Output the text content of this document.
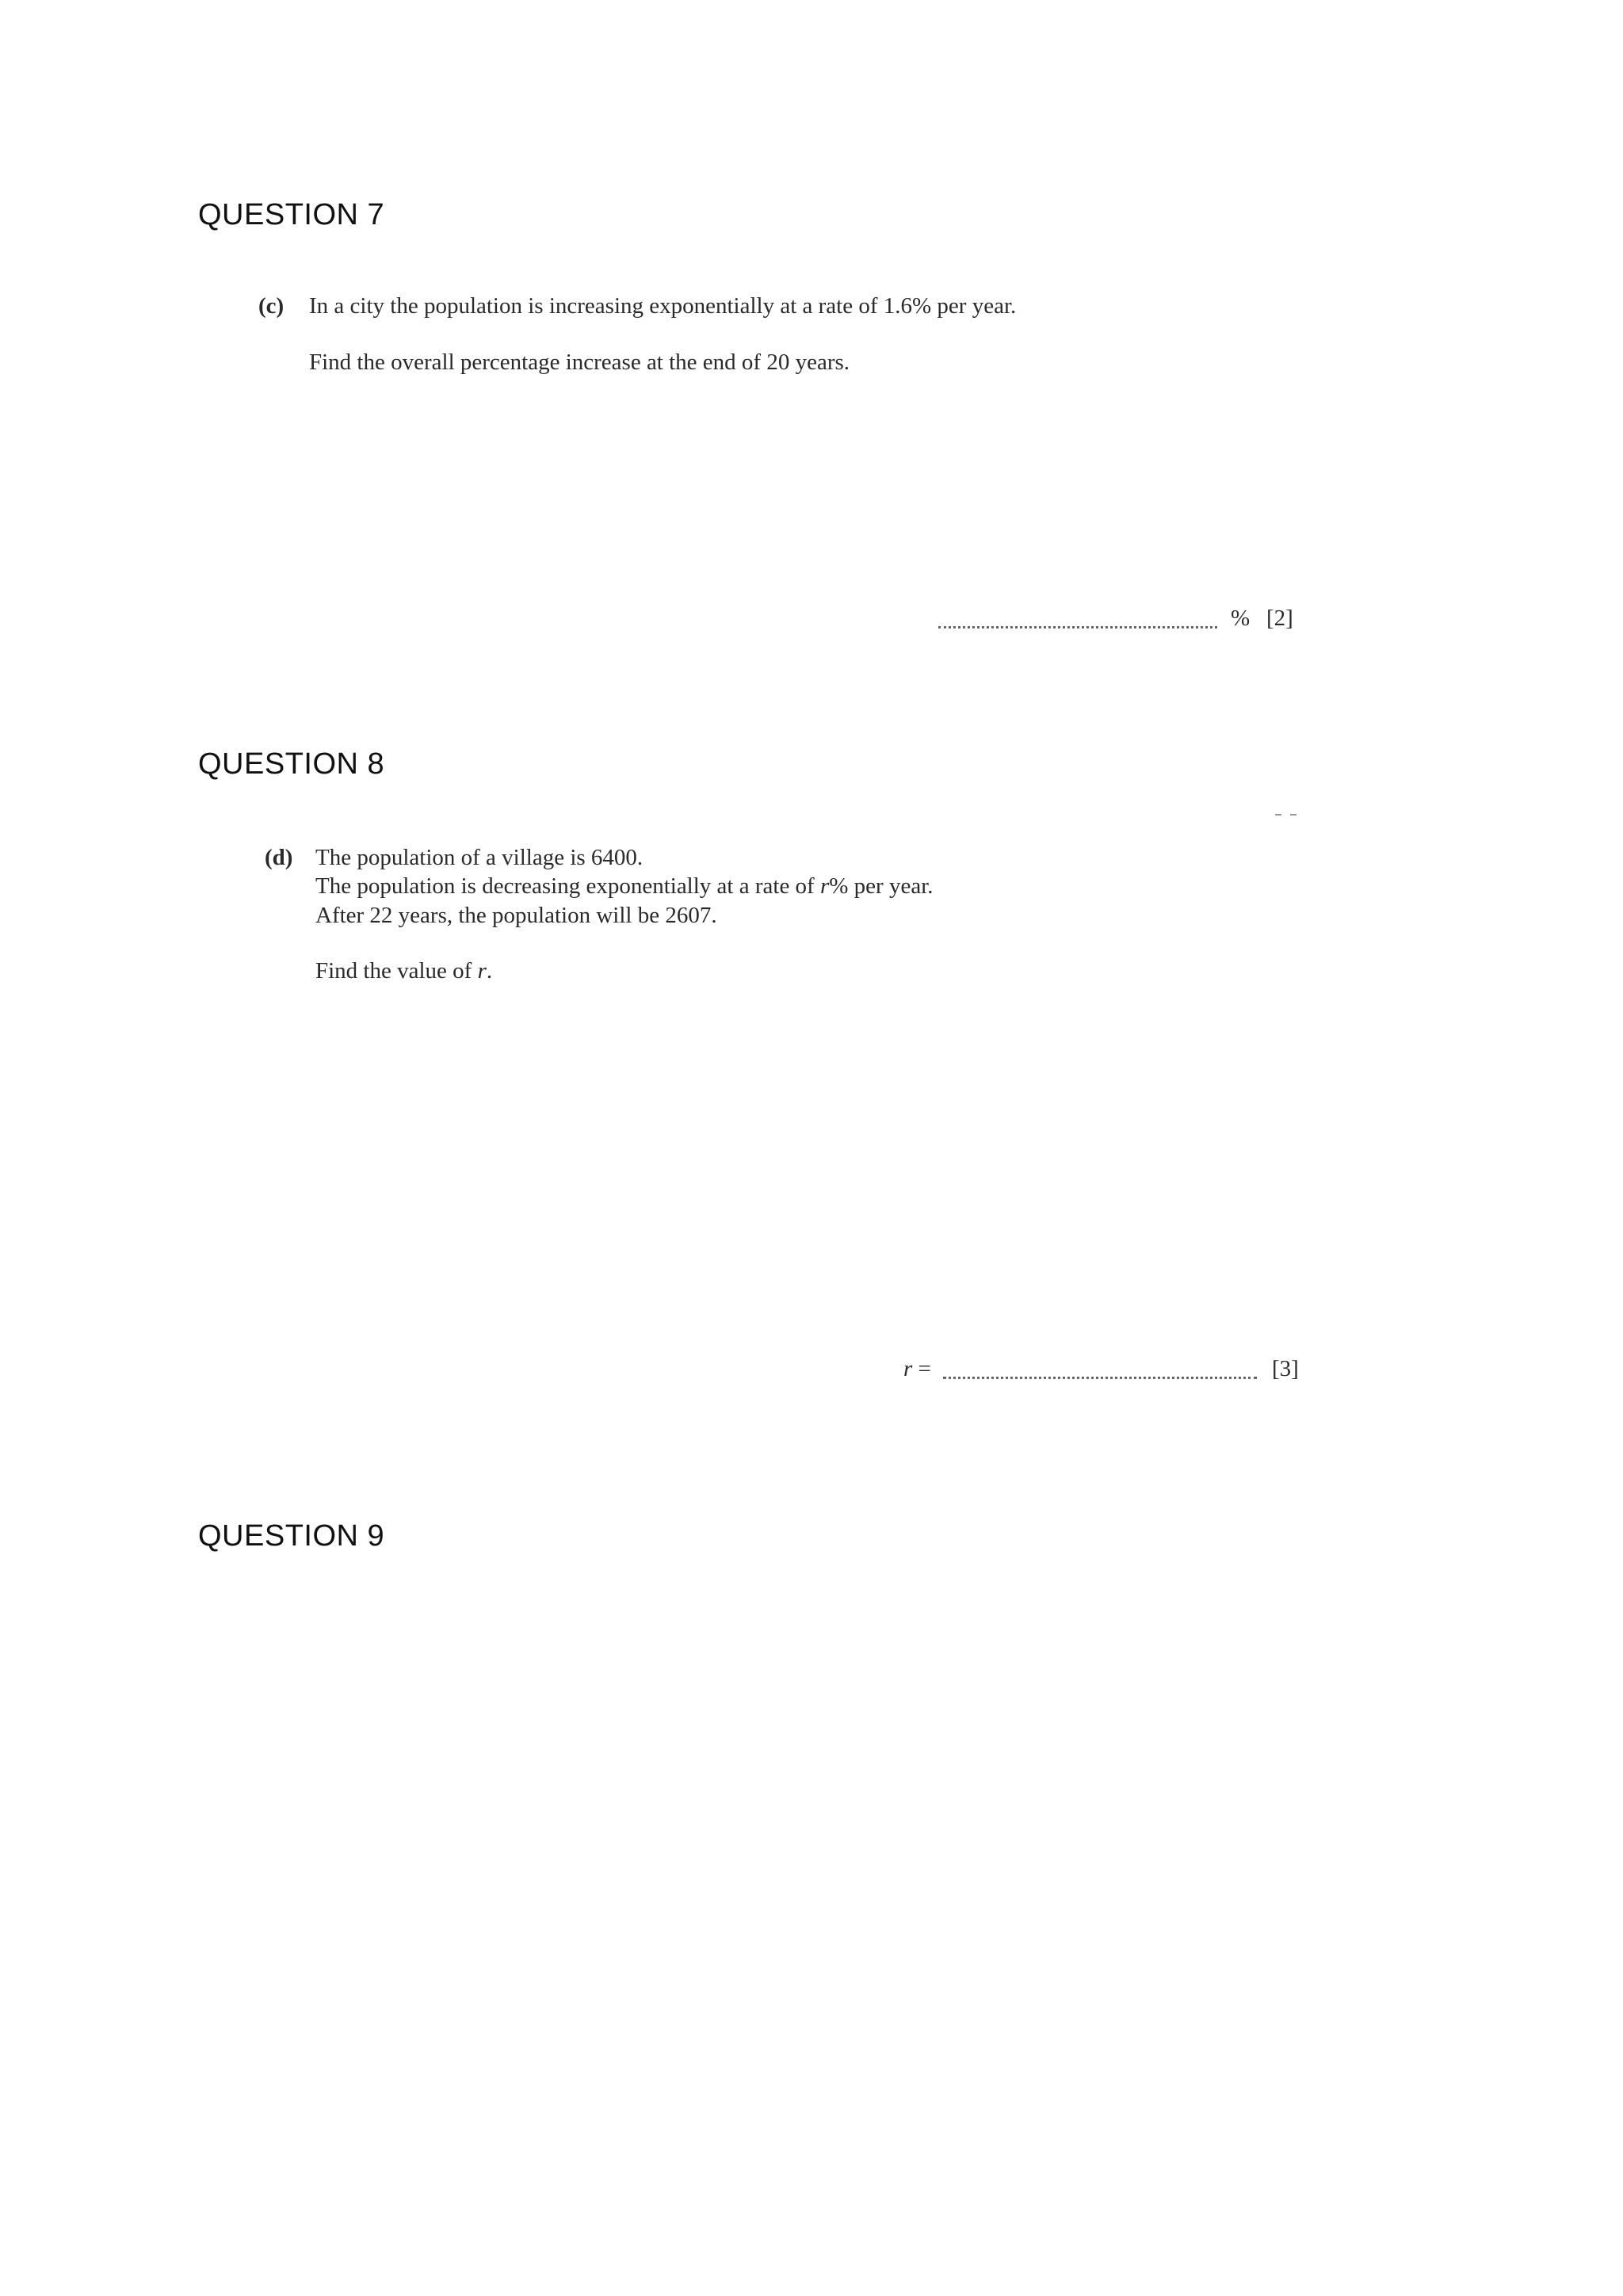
QUESTION 7
(c) In a city the population is increasing exponentially at a rate of 1.6% per year.
Find the overall percentage increase at the end of 20 years.
% [2]
QUESTION 8
(d) The population of a village is 6400.
The population is decreasing exponentially at a rate of r% per year.
After 22 years, the population will be 2607.
Find the value of r.
r =	[3]
QUESTION 9
